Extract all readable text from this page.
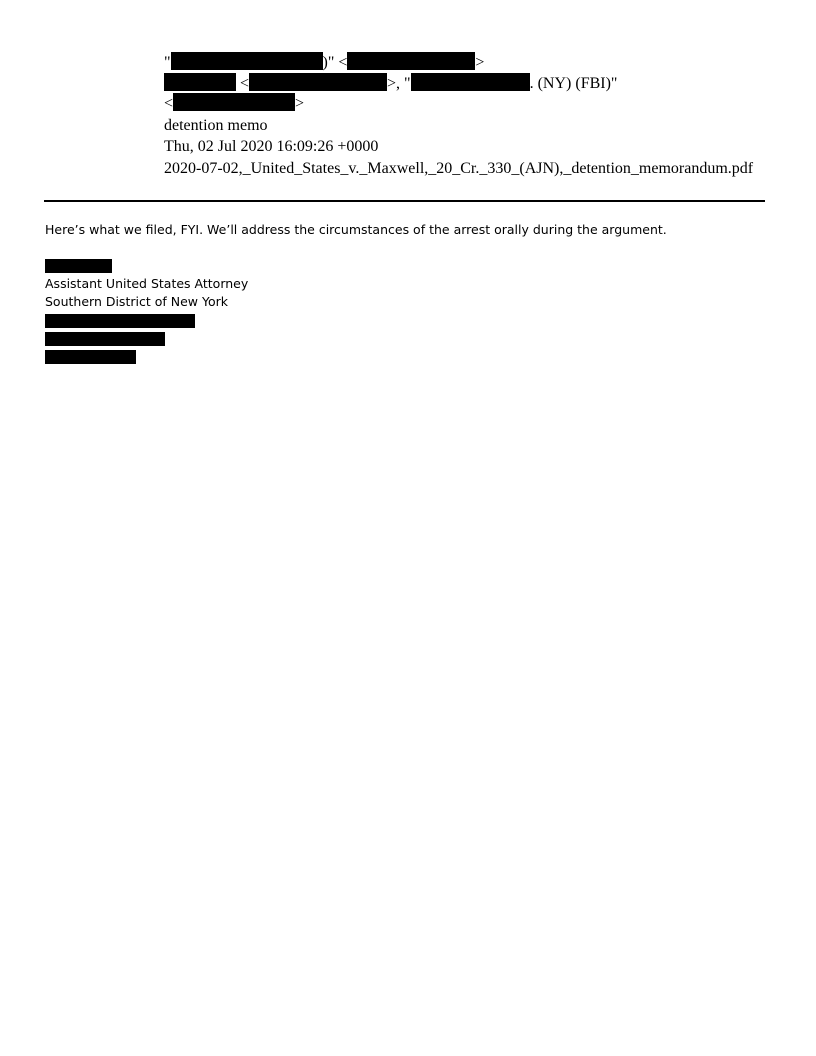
"	)" <	>
<	>, "	. (NY) (FBI)"
<	>
detention memo
Thu, 02 Jul 2020 16:09:26 +0000
2020-07-02,_United_States_v._Maxwell,_20_Cr._330_(AJN),_detention_memorandum.pdf
Here’s what we filed, FYI. We’ll address the circumstances of the arrest orally during the argument.
Assistant United States Attorney
Southern District of New York
